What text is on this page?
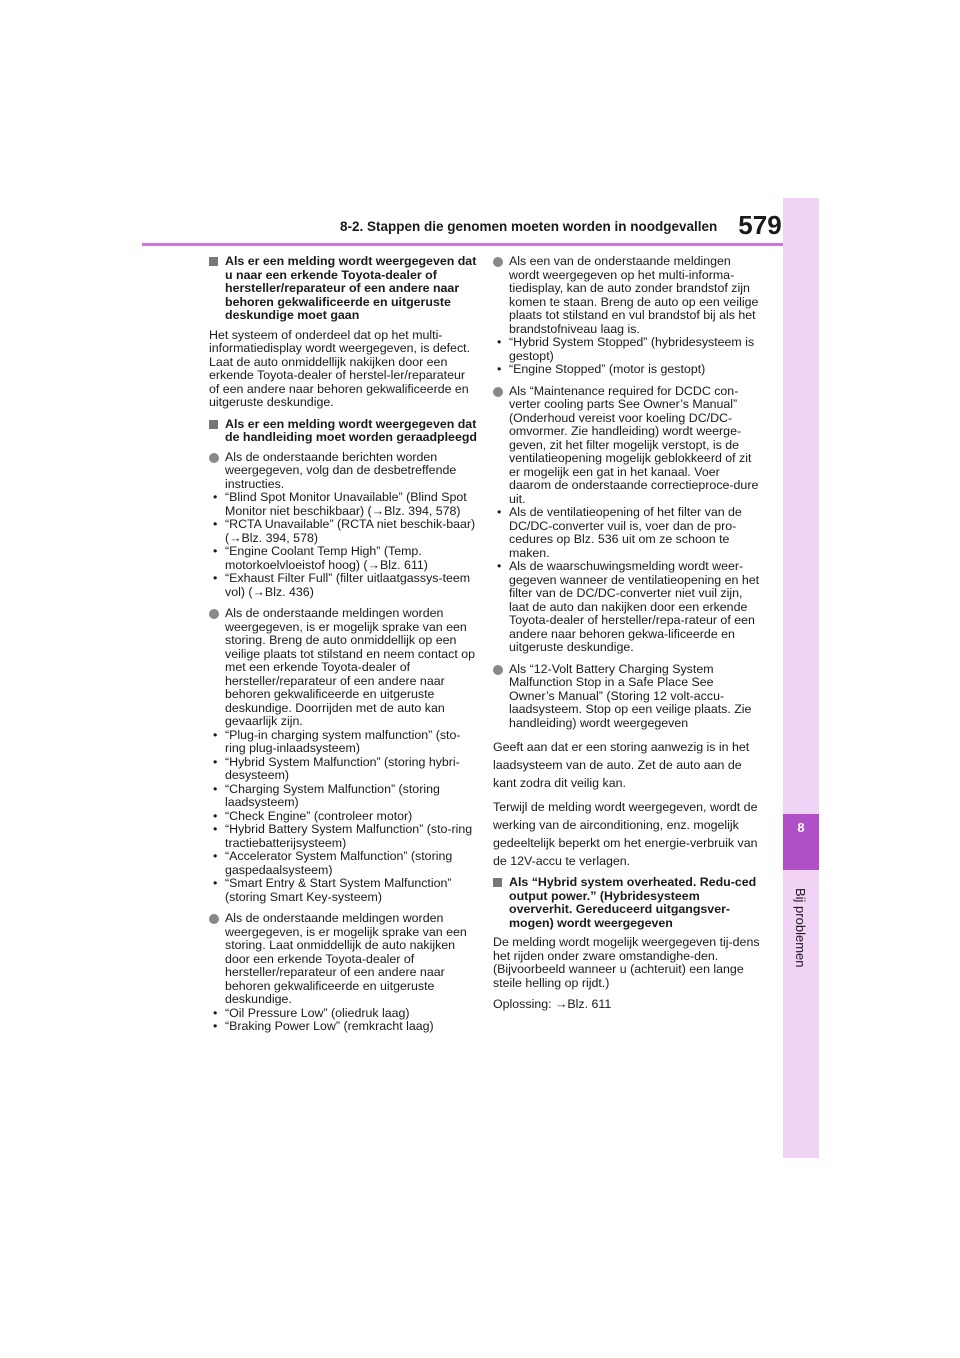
8-2. Stappen die genomen moeten worden in noodgevallen 579
8
Bij problemen
Als er een melding wordt weergegeven dat u naar een erkende Toyota-dealer of hersteller/reparateur of een andere naar behoren gekwalificeerde en uitgeruste deskundige moet gaan

Het systeem of onderdeel dat op het multi-informatiedisplay wordt weergegeven, is defect. Laat de auto onmiddellijk nakijken door een erkende Toyota-dealer of herstel-ler/reparateur of een andere naar behoren gekwalificeerde en uitgeruste deskundige.

Als er een melding wordt weergegeven dat de handleiding moet worden geraadpleegd
Als de onderstaande berichten worden weergegeven, volg dan de desbetreffende instructies.
• “Blind Spot Monitor Unavailable” (Blind Spot Monitor niet beschikbaar) (→Blz. 394, 578)
• “RCTA Unavailable” (RCTA niet beschik-baar) (→Blz. 394, 578)
• “Engine Coolant Temp High” (Temp. motorkoelvloeistof hoog) (→Blz. 611)
• “Exhaust Filter Full” (filter uitlaatgassys-teem vol) (→Blz. 436)
Als de onderstaande meldingen worden weergegeven, is er mogelijk sprake van een storing. Breng de auto onmiddellijk op een veilige plaats tot stilstand en neem contact op met een erkende Toyota-dealer of hersteller/reparateur of een andere naar behoren gekwalificeerde en uitgeruste deskundige. Doorrijden met de auto kan gevaarlijk zijn.
• “Plug-in charging system malfunction” (sto-ring plug-inlaadsysteem)
• “Hybrid System Malfunction” (storing hybri-desysteem)
• “Charging System Malfunction” (storing laadsysteem)
• “Check Engine” (controleer motor)
• “Hybrid Battery System Malfunction” (sto-ring tractiebatterijsysteem)
• “Accelerator System Malfunction” (storing gaspedaalsysteem)
• “Smart Entry & Start System Malfunction” (storing Smart Key-systeem)
Als de onderstaande meldingen worden weergegeven, is er mogelijk sprake van een storing. Laat onmiddellijk de auto nakijken door een erkende Toyota-dealer of hersteller/reparateur of een andere naar behoren gekwalificeerde en uitgeruste deskundige.
• “Oil Pressure Low” (oliedruk laag)
• “Braking Power Low” (remkracht laag)
Als een van de onderstaande meldingen wordt weergegeven op het multi-informa-tiedisplay, kan de auto zonder brandstof zijn komen te staan. Breng de auto op een veilige plaats tot stilstand en vul brandstof bij als het brandstofniveau laag is.
• “Hybrid System Stopped” (hybridesysteem is gestopt)
• “Engine Stopped” (motor is gestopt)
Als “Maintenance required for DCDC con-verter cooling parts See Owner’s Manual” (Onderhoud vereist voor koeling DC/DC-omvormer. Zie handleiding) wordt weerge-geven, zit het filter mogelijk verstopt, is de ventilatieopening mogelijk geblokkeerd of zit er mogelijk een gat in het kanaal. Voer daarom de onderstaande correctieproce-dure uit.
• Als de ventilatieopening of het filter van de DC/DC-converter vuil is, voer dan de pro-cedures op Blz. 536 uit om ze schoon te maken.
• Als de waarschuwingsmelding wordt weer-gegeven wanneer de ventilatieopening en het filter van de DC/DC-converter niet vuil zijn, laat de auto dan nakijken door een erkende Toyota-dealer of hersteller/repa-rateur of een andere naar behoren gekwa-lificeerde en uitgeruste deskundige.
Als “12-Volt Battery Charging System Malfunction Stop in a Safe Place See Owner’s Manual” (Storing 12 volt-accu-laadsysteem. Stop op een veilige plaats. Zie handleiding) wordt weergegeven

Geeft aan dat er een storing aanwezig is in het laadsysteem van de auto. Zet de auto aan de kant zodra dit veilig kan.

Terwijl de melding wordt weergegeven, wordt de werking van de airconditioning, enz. mogelijk gedeeltelijk beperkt om het energie-verbruik van de 12V-accu te verlagen.

Als “Hybrid system overheated. Redu-ced output power.” (Hybridesysteem oververhit. Gereduceerd uitgangsver-mogen) wordt weergegeven

De melding wordt mogelijk weergegeven tij-dens het rijden onder zware omstandighe-den. (Bijvoorbeeld wanneer u (achteruit) een lange steile helling op rijdt.)

Oplossing: →Blz. 611
